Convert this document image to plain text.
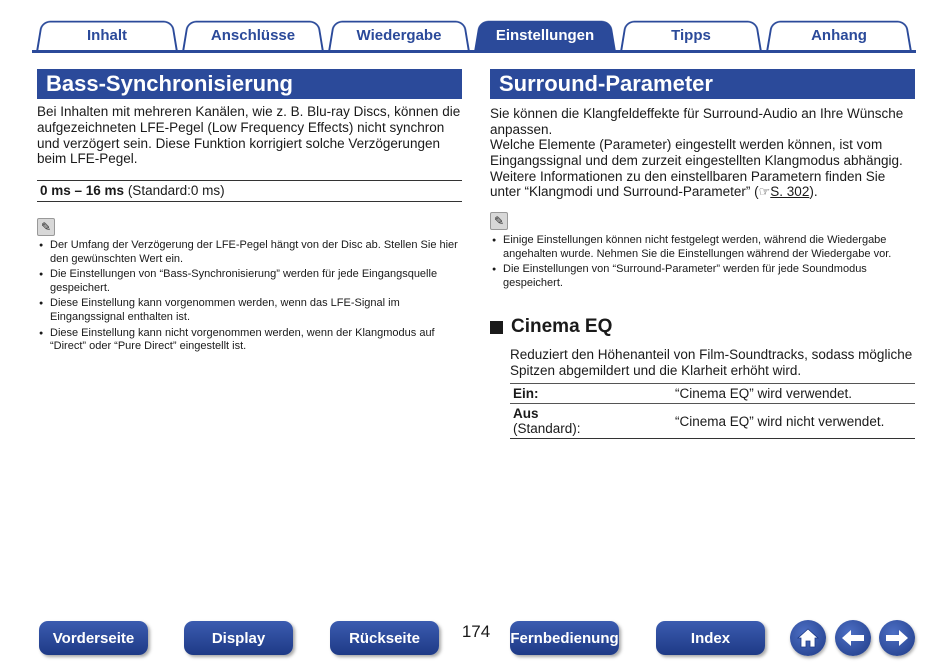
Inhalt	Anschlüsse	Wiedergabe	Einstellungen	Tipps	Anhang
Bass-Synchronisierung
Bei Inhalten mit mehreren Kanälen, wie z. B. Blu-ray Discs, können die aufgezeichneten LFE-Pegel (Low Frequency Effects) nicht synchron und verzögert sein. Diese Funktion korrigiert solche Verzögerungen beim LFE-Pegel.
0 ms – 16 ms (Standard:0 ms)
✎
● Der Umfang der Verzögerung der LFE-Pegel hängt von der Disc ab. Stellen Sie hier den gewünschten Wert ein.
● Die Einstellungen von “Bass-Synchronisierung” werden für jede Eingangsquelle gespeichert.
● Diese Einstellung kann vorgenommen werden, wenn das LFE-Signal im Eingangssignal enthalten ist.
● Diese Einstellung kann nicht vorgenommen werden, wenn der Klangmodus auf “Direct” oder “Pure Direct” eingestellt ist.
Surround-Parameter
Sie können die Klangfeldeffekte für Surround-Audio an Ihre Wünsche anpassen.
Welche Elemente (Parameter) eingestellt werden können, ist vom Eingangssignal und dem zurzeit eingestellten Klangmodus abhängig. Weitere Informationen zu den einstellbaren Parametern finden Sie unter “Klangmodi und Surround-Parameter” (☞S. 302).
✎
● Einige Einstellungen können nicht festgelegt werden, während die Wiedergabe angehalten wurde. Nehmen Sie die Einstellungen während der Wiedergabe vor.
● Die Einstellungen von “Surround-Parameter” werden für jede Soundmodus gespeichert.
Cinema EQ
Reduziert den Höhenanteil von Film-Soundtracks, sodass mögliche Spitzen abgemildert und die Klarheit erhöht wird.
Ein:	“Cinema EQ” wird verwendet.
Aus
(Standard):	“Cinema EQ” wird nicht verwendet.
Vorderseite	Display	Rückseite	174	Fernbedienung	Index
